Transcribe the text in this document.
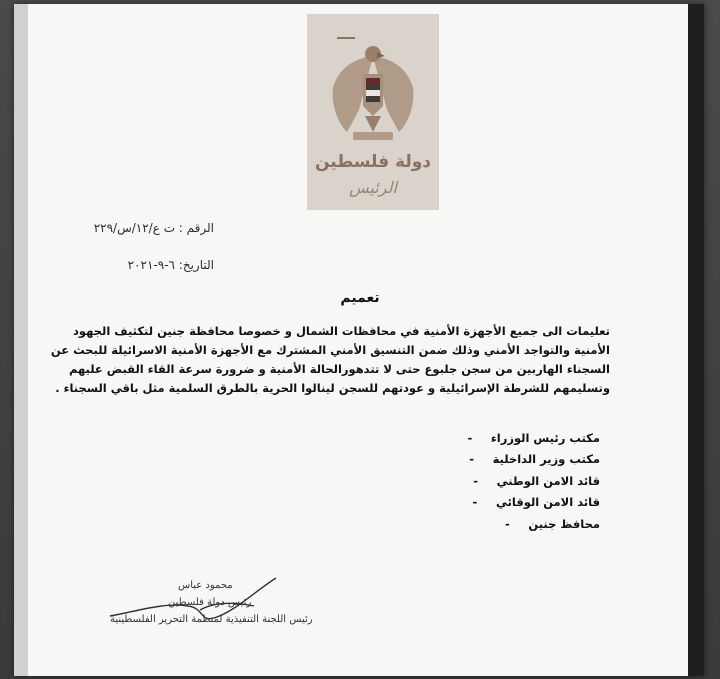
دولة فلسطين
الرئيس
الرقم : ت ع/١٢/س/٢٢٩
التاريخ: ٦-٩-٢٠٢١
تعميم
تعليمات الى جميع الأجهزة الأمنية في محافظات الشمال و خصوصا محافظة جنين لتكثيف الجهود
الأمنية والتواجد الأمني وذلك ضمن التنسيق الأمني المشترك مع الأجهزة الأمنية الاسرائيلة للبحث عن
السجناء الهاربين من سجن جلبوع حتى لا تتدهورالحالة الأمنية و ضرورة سرعة القاء القبض عليهم
وتسليمهم للشرطة الإسرائيلية و عودتهم للسجن لينالوا الحرية بالطرق السلمية مثل باقي السجناء .
مكتب رئيس الوزراء-
مكتب وزير الداخلية-
قائد الامن الوطني-
قائد الامن الوقائي-
محافظ جنين-
محمود عباس
رئيس دولة فلسطين
رئيس اللجنة التنفيذية لمنظمة التحرير الفلسطينية
